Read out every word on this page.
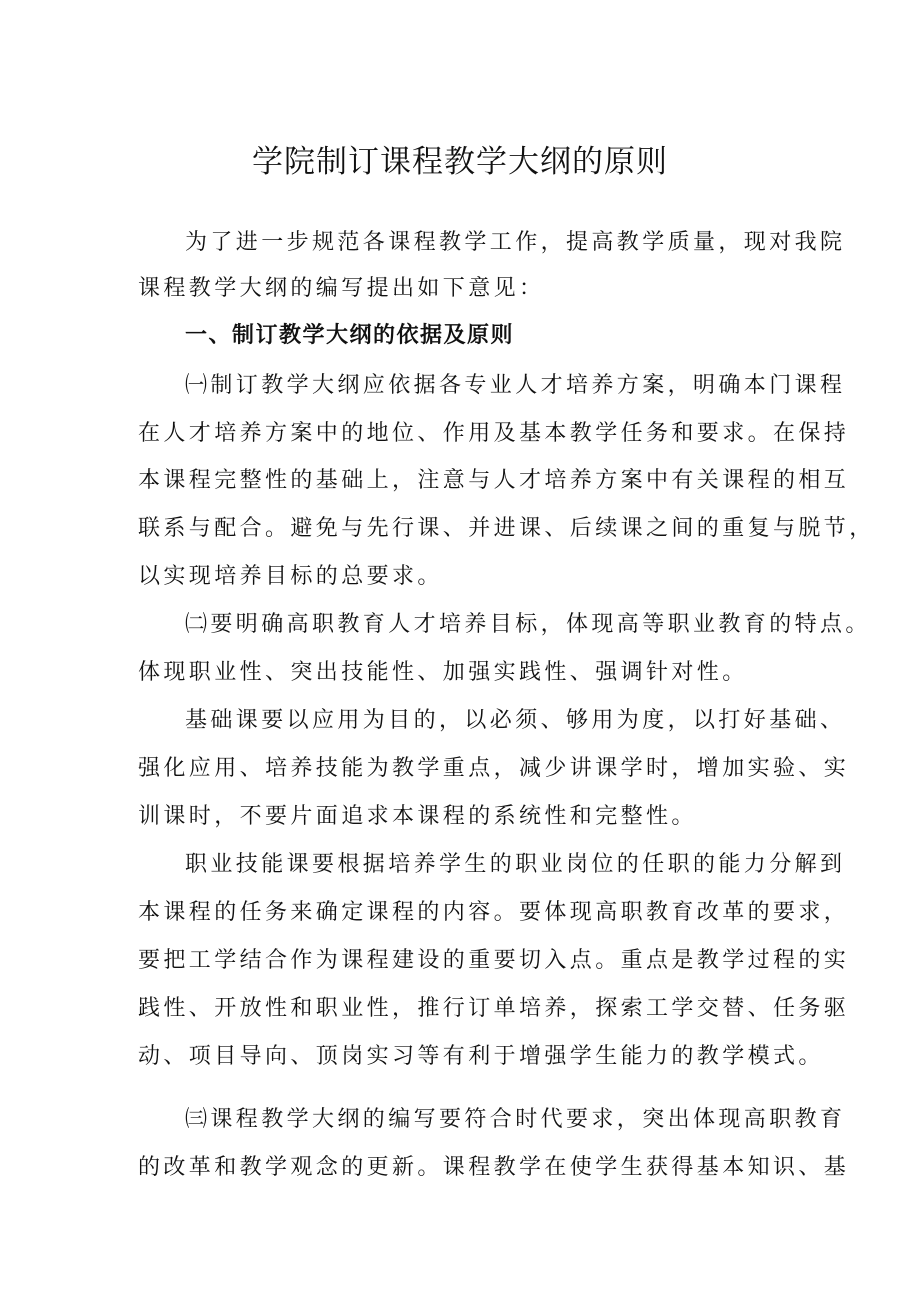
学院制订课程教学大纲的原则

为了进一步规范各课程教学工作，提高教学质量，现对我院

课程教学大纲的编写提出如下意见：

一、制订教学大纲的依据及原则

㈠制订教学大纲应依据各专业人才培养方案，明确本门课程

在人才培养方案中的地位、作用及基本教学任务和要求。在保持

本课程完整性的基础上，注意与人才培养方案中有关课程的相互

联系与配合。避免与先行课、并进课、后续课之间的重复与脱节，

以实现培养目标的总要求。

㈡要明确高职教育人才培养目标，体现高等职业教育的特点。

体现职业性、突出技能性、加强实践性、强调针对性。

基础课要以应用为目的，以必须、够用为度，以打好基础、

强化应用、培养技能为教学重点，减少讲课学时，增加实验、实

训课时，不要片面追求本课程的系统性和完整性。

职业技能课要根据培养学生的职业岗位的任职的能力分解到

本课程的任务来确定课程的内容。要体现高职教育改革的要求，

要把工学结合作为课程建设的重要切入点。重点是教学过程的实

践性、开放性和职业性，推行订单培养，探索工学交替、任务驱

动、项目导向、顶岗实习等有利于增强学生能力的教学模式。

㈢课程教学大纲的编写要符合时代要求，突出体现高职教育

的改革和教学观念的更新。课程教学在使学生获得基本知识、基
